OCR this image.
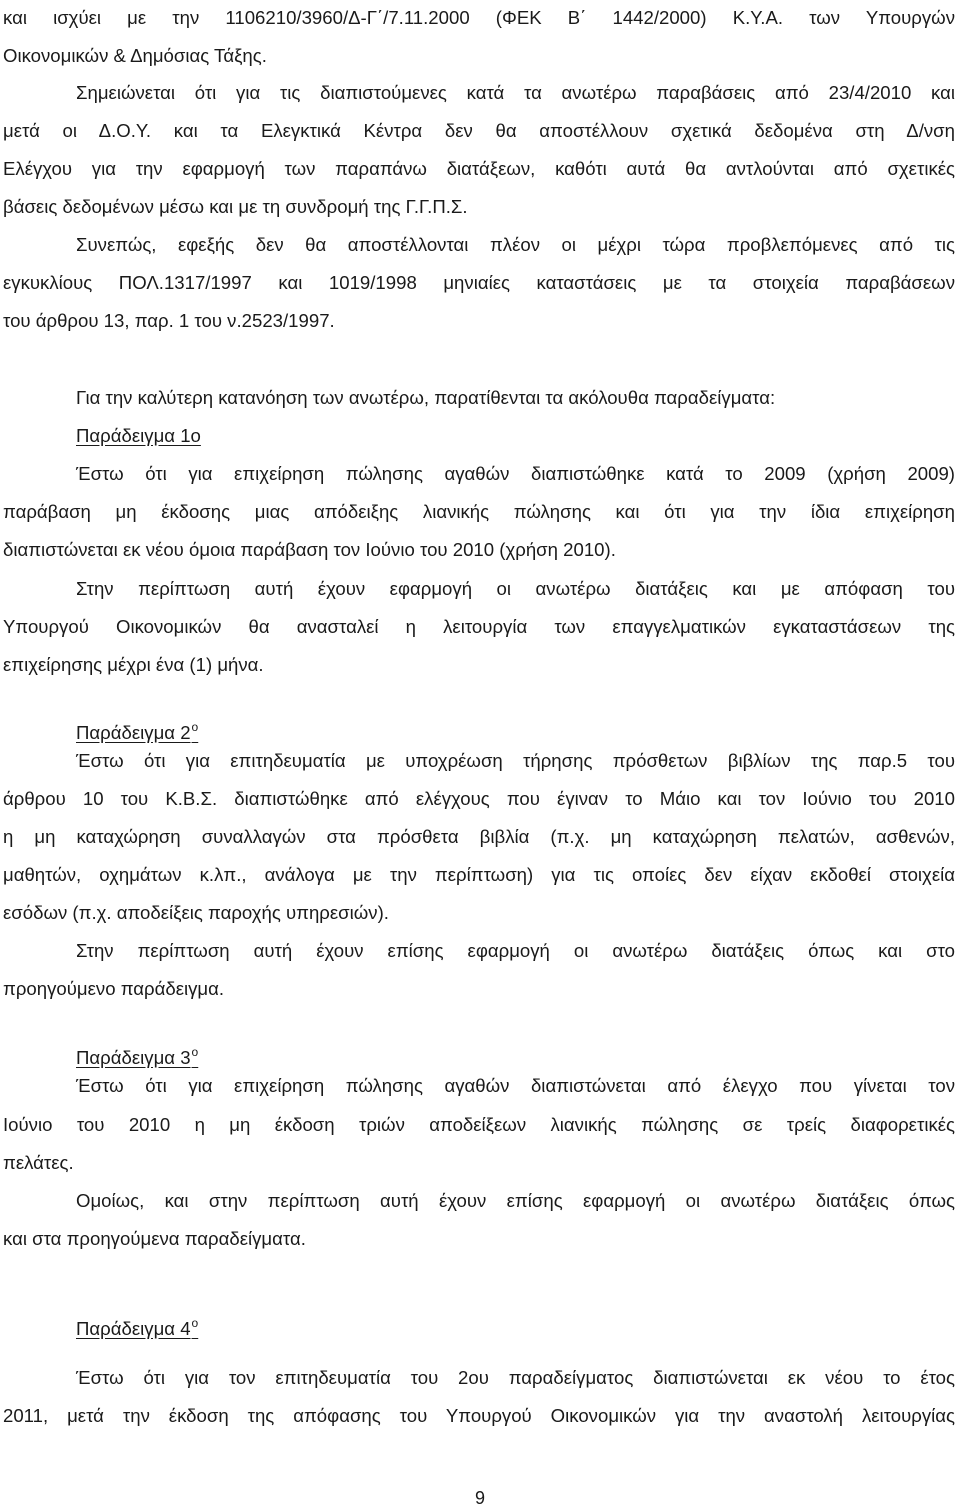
και ισχύει με την 1106210/3960/Δ-Γ΄/7.11.2000 (ΦΕΚ Β΄ 1442/2000) Κ.Υ.Α. των Υπουργών
Οικονομικών & Δημόσιας Τάξης.
Σημειώνεται ότι για τις διαπιστούμενες κατά τα ανωτέρω παραβάσεις από 23/4/2010 και
μετά οι Δ.Ο.Υ. και τα Ελεγκτικά Κέντρα δεν θα αποστέλλουν σχετικά δεδομένα στη Δ/νση
Ελέγχου για την εφαρμογή των παραπάνω διατάξεων, καθότι αυτά θα αντλούνται από σχετικές
βάσεις δεδομένων μέσω και με τη συνδρομή της Γ.Γ.Π.Σ.
Συνεπώς, εφεξής δεν θα αποστέλλονται πλέον οι μέχρι τώρα προβλεπόμενες από τις
εγκυκλίους ΠΟΛ.1317/1997 και 1019/1998 μηνιαίες καταστάσεις με τα στοιχεία παραβάσεων
του άρθρου 13, παρ. 1 του ν.2523/1997.
Για την καλύτερη κατανόηση των ανωτέρω, παρατίθενται τα ακόλουθα παραδείγματα:
Παράδειγμα 1ο
Έστω ότι για επιχείρηση πώλησης αγαθών διαπιστώθηκε κατά το 2009 (χρήση 2009)
παράβαση μη έκδοσης μιας απόδειξης λιανικής πώλησης και ότι για την ίδια επιχείρηση
διαπιστώνεται εκ νέου όμοια παράβαση τον Ιούνιο του 2010 (χρήση 2010).
Στην περίπτωση αυτή έχουν εφαρμογή οι ανωτέρω διατάξεις και με απόφαση του
Υπουργού Οικονομικών θα ανασταλεί η λειτουργία των επαγγελματικών εγκαταστάσεων της
επιχείρησης μέχρι ένα (1) μήνα.
Παράδειγμα $2^o$
Έστω ότι για επιτηδευματία με υποχρέωση τήρησης πρόσθετων βιβλίων της παρ.5 του
άρθρου 10 του Κ.Β.Σ. διαπιστώθηκε από ελέγχους που έγιναν το Μάιο και τον Ιούνιο του 2010
η μη καταχώρηση συναλλαγών στα πρόσθετα βιβλία (π.χ. μη καταχώρηση πελατών, ασθενών,
μαθητών, οχημάτων κ.λπ., ανάλογα με την περίπτωση) για τις οποίες δεν είχαν εκδοθεί στοιχεία
εσόδων (π.χ. αποδείξεις παροχής υπηρεσιών).
Στην περίπτωση αυτή έχουν επίσης εφαρμογή οι ανωτέρω διατάξεις όπως και στο
προηγούμενο παράδειγμα.
Παράδειγμα $3^o$
Έστω ότι για επιχείρηση πώλησης αγαθών διαπιστώνεται από έλεγχο που γίνεται τον
Ιούνιο του 2010 η μη έκδοση τριών αποδείξεων λιανικής πώλησης σε τρείς διαφορετικές
πελάτες.
Ομοίως, και στην περίπτωση αυτή έχουν επίσης εφαρμογή οι ανωτέρω διατάξεις όπως
και στα προηγούμενα παραδείγματα.
Παράδειγμα $4^o$
Έστω ότι για τον επιτηδευματία του 2ου παραδείγματος διαπιστώνεται εκ νέου το έτος
2011, μετά την έκδοση της απόφασης του Υπουργού Οικονομικών για την αναστολή λειτουργίας
9
